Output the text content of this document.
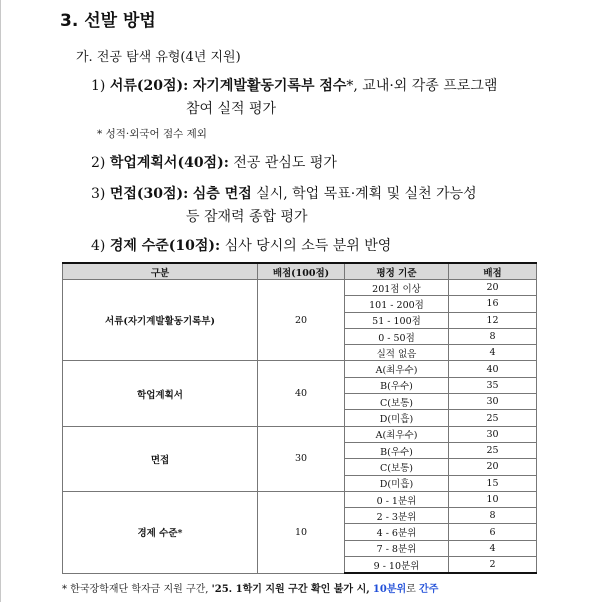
3. 선발 방법
가. 전공 탐색 유형(4년 지원)
1) 서류(20점): 자기계발활동기록부 점수*, 교내·외 각종 프로그램
참여 실적 평가
* 성적·외국어 점수 제외
2) 학업계획서(40점): 전공 관심도 평가
3) 면접(30점): 심층 면접 실시, 학업 목표·계획 및 실천 가능성
등 잠재력 종합 평가
4) 경제 수준(10점): 심사 당시의 소득 분위 반영
구분	배점(100점)	평정 기준	배점
서류(자기계발활동기록부)	20	201점 이상	20
		101 - 200점	16
		51 - 100점	12
		0 - 50점	8
		실적 없음	4
학업계획서	40	A(최우수)	40
		B(우수)	35
		C(보통)	30
		D(미흡)	25
면접	30	A(최우수)	30
		B(우수)	25
		C(보통)	20
		D(미흡)	15
경제 수준*	10	0 - 1분위	10
		2 - 3분위	8
		4 - 6분위	6
		7 - 8분위	4
		9 - 10분위	2
* 한국장학재단 학자금 지원 구간, '25. 1학기 지원 구간 확인 불가 시, 10분위로 간주
